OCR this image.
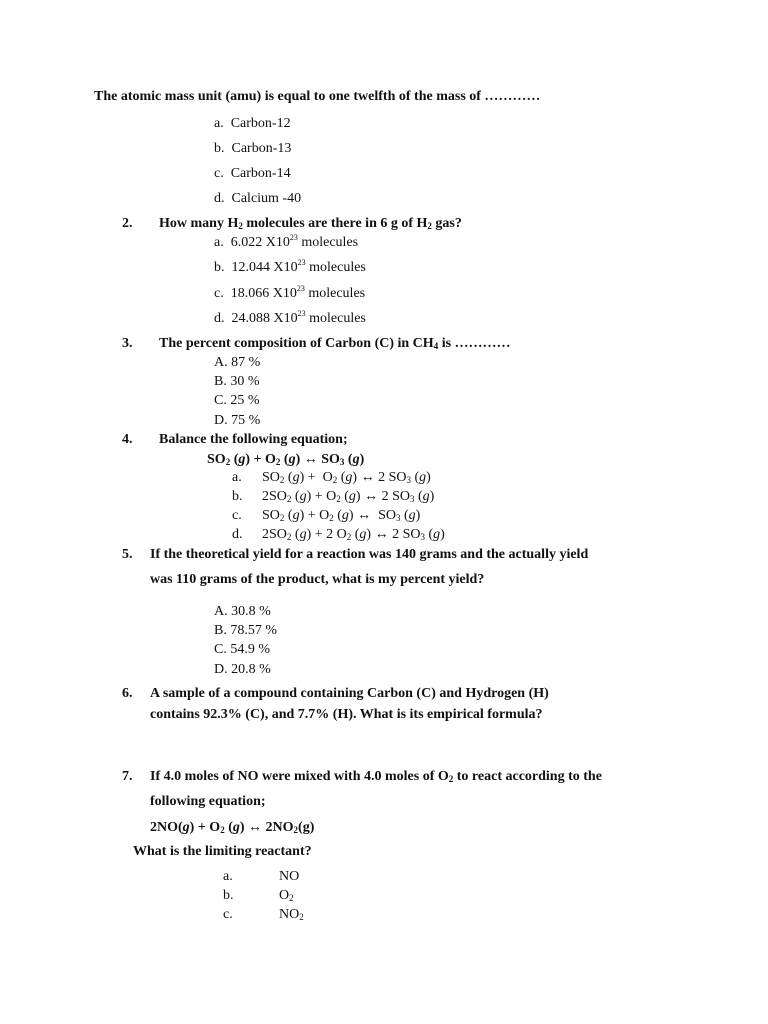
The atomic mass unit (amu) is equal to one twelfth of the mass of …………
a. Carbon-12
b. Carbon-13
c. Carbon-14
d. Calcium -40
2. How many $H_2$ molecules are there in 6 g of $H_2$ gas?
a. 6.022 $X10^{23}$ molecules
b. 12.044 $X10^{23}$ molecules
c. 18.066 $X10^{23}$ molecules
d. 24.088 $X10^{23}$ molecules
3. The percent composition of Carbon (C) in $CH_4$ is …………
A. 87 %
B. 30 %
C. 25 %
D. 75 %
4. Balance the following equation;
$SO_2$ $(g) + O_2$ (g) ↔ $SO_3$ (g)
a. $SO_2$ $(g) + O_2$ (g) ↔ 2 $SO_3$ (g)
b. $2SO_2$ $(g) + O_2$ (g) ↔ 2 $SO_3$ (g)
c. $SO_2$ $(g) + O_2$ (g) ↔  $SO_3$ (g)
d. $2SO_2$ (g) + 2 $O_2$ (g) ↔ 2 $SO_3$ (g)
5. If the theoretical yield for a reaction was 140 grams and the actually yield
was 110 grams of the product, what is my percent yield?
A. 30.8 %
B. 78.57 %
C. 54.9 %
D. 20.8 %
6. A sample of a compound containing Carbon (C) and Hydrogen (H)
contains 92.3% (C), and 7.7% (H). What is its empirical formula?
7. If 4.0 moles of NO were mixed with 4.0 moles of $O_2$ to react according to the
following equation;
$2NO(g) + O_2$ (g) ↔ $2NO_2(g)$
What is the limiting reactant?
a.	NO
b.	$O_2$
c.	$NO_2$
